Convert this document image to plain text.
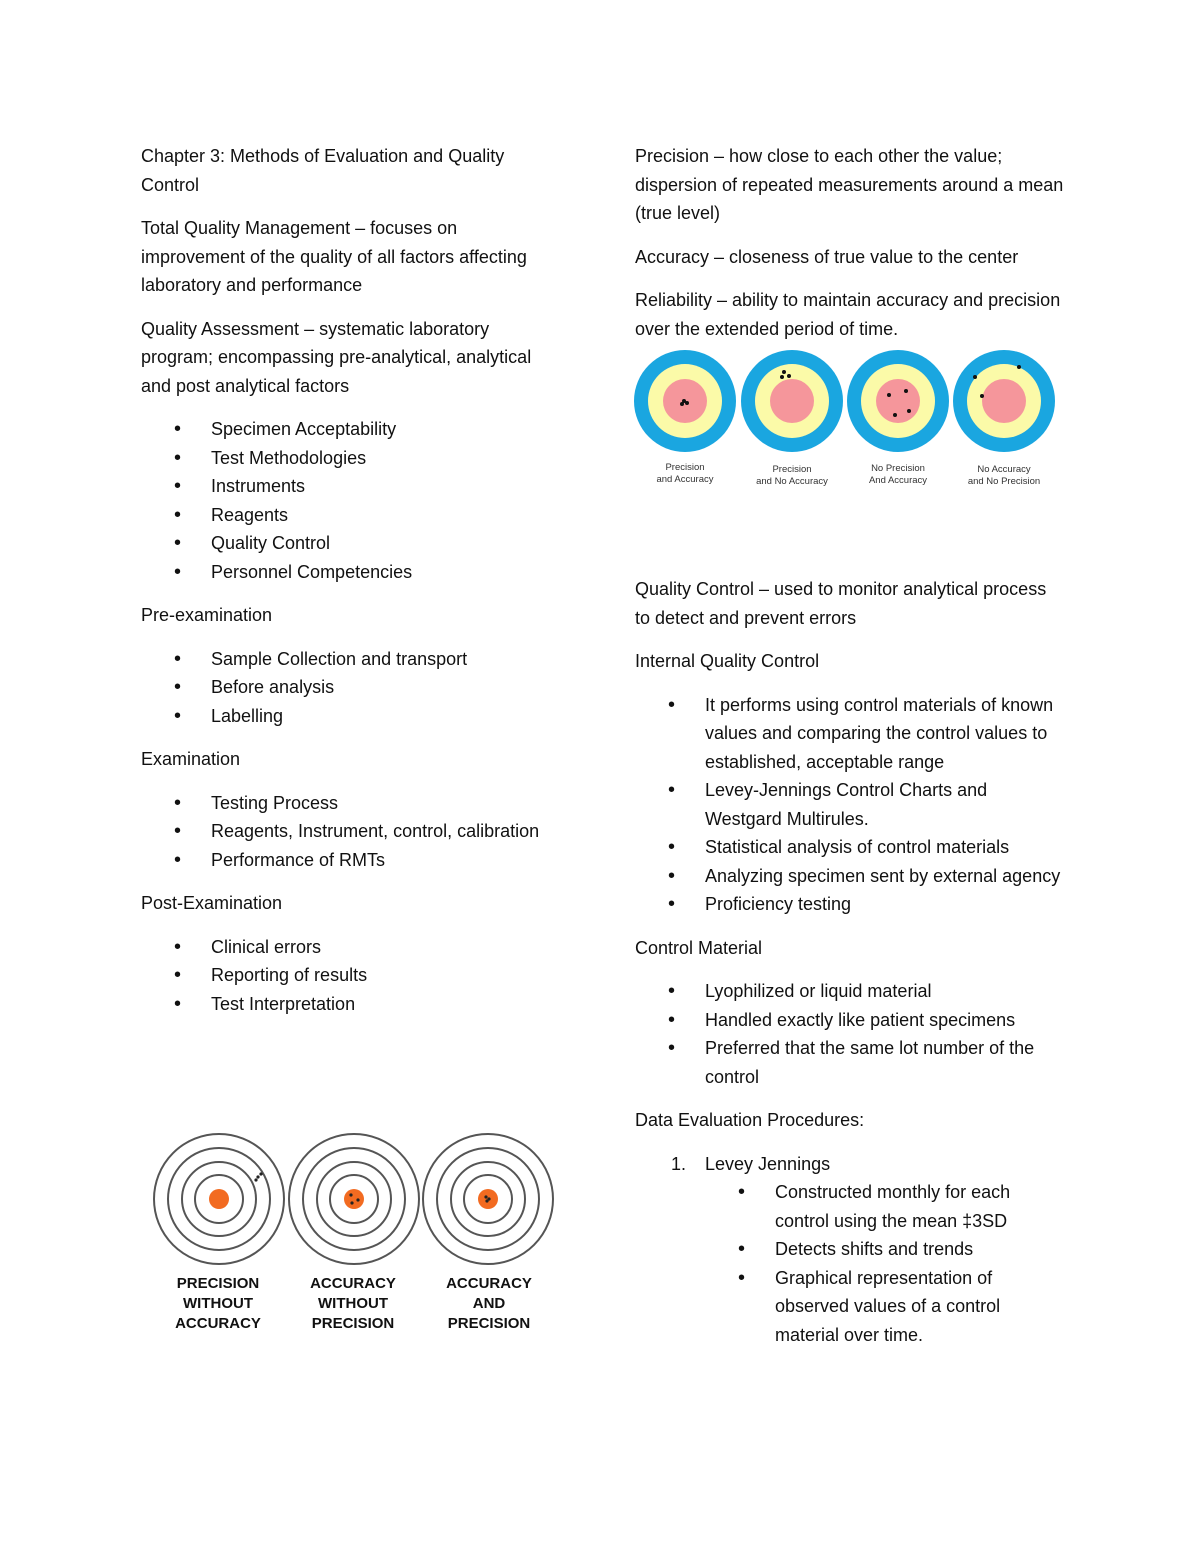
Chapter 3: Methods of Evaluation and Quality Control

Total Quality Management – focuses on improvement of the quality of all factors affecting laboratory and performance

Quality Assessment – systematic laboratory program; encompassing pre-analytical, analytical and post analytical factors

• Specimen Acceptability
• Test Methodologies
• Instruments
• Reagents
• Quality Control
• Personnel Competencies

Pre-examination

• Sample Collection and transport
• Before analysis
• Labelling

Examination

• Testing Process
• Reagents, Instrument, control, calibration
• Performance of RMTs

Post-Examination

• Clinical errors
• Reporting of results
• Test Interpretation
PRECISION
WITHOUT
ACCURACY
ACCURACY
WITHOUT
PRECISION
ACCURACY
AND
PRECISION

Precision – how close to each other the value; dispersion of repeated measurements around a mean (true level)

Accuracy – closeness of true value to the center

Reliability – ability to maintain accuracy and precision over the extended period of time.

Precision
and Accuracy
Precision
and No Accuracy
No Precision
And Accuracy
No Accuracy
and No Precision

Quality Control – used to monitor analytical process to detect and prevent errors

Internal Quality Control

• It performs using control materials of known values and comparing the control values to established, acceptable range
• Levey-Jennings Control Charts and Westgard Multirules.
• Statistical analysis of control materials
• Analyzing specimen sent by external agency
• Proficiency testing

Control Material

• Lyophilized or liquid material
• Handled exactly like patient specimens
• Preferred that the same lot number of the control

Data Evaluation Procedures:

1. Levey Jennings
• Constructed monthly for each control using the mean ‡3SD
• Detects shifts and trends
• Graphical representation of observed values of a control material over time.
